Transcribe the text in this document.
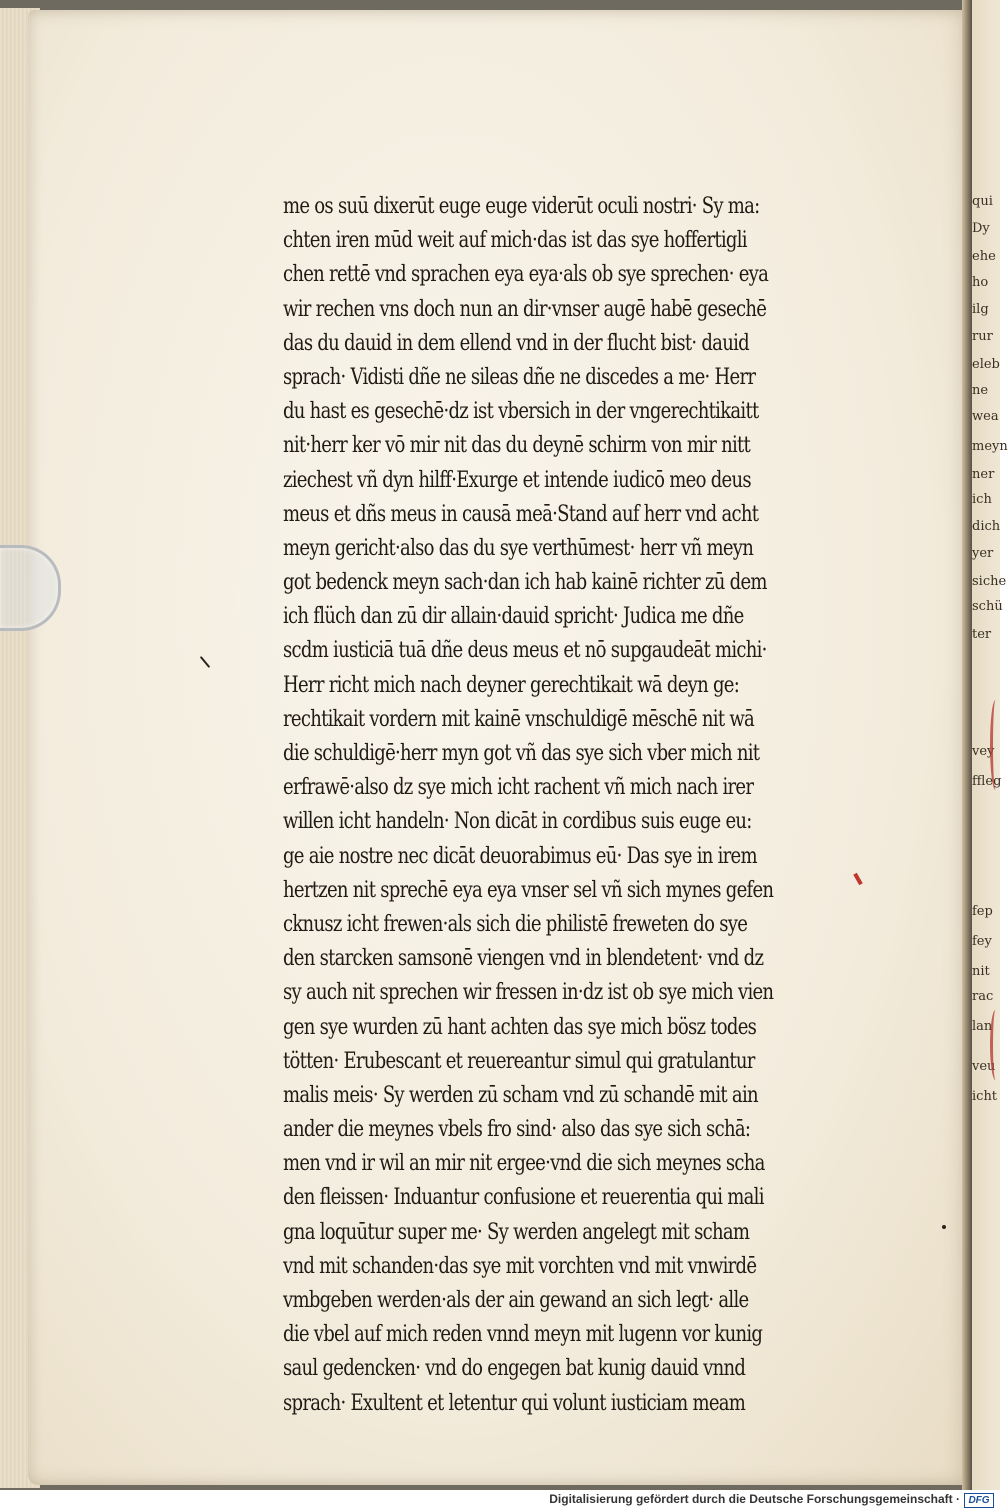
qui
Dy
ehe
ho
ilg
rur
eleb
ne
wea
meyn
ner
ich
dich
yer
siche
schü
ter
vey
ffleg
fep
fey
nit
rac
lan
veu
icht
me os suū dixerūt euge euge viderūt oculi nostri· Sy ma:
chten iren mūd weit auf mich·das ist das sye hoffertigli
chen rettē vnd sprachen eya eya·als ob sye sprechen· eya
wir rechen vns doch nun an dir·vnser augē habē gesechē
das du dauid in dem ellend vnd in der flucht bist· dauid
sprach· Vidisti dñe ne sileas dñe ne discedes a me· Herr
du hast es gesechē·dz ist vbersich in der vngerechtikaitt
nit·herr ker vō mir nit das du deynē schirm von mir nitt
ziechest vñ dyn hilff·Exurge et intende iudicō meo deus
meus et dñs meus in causā meā·Stand auf herr vnd acht
meyn gericht·also das du sye verthūmest· herr vñ meyn
got bedenck meyn sach·dan ich hab kainē richter zū dem
ich flüch dan zū dir allain·dauid spricht· Judica me dñe
scdm iusticiā tuā dñe deus meus et nō supgaudeāt michi·
Herr richt mich nach deyner gerechtikait wā deyn ge:
rechtikait vordern mit kainē vnschuldigē mēschē nit wā
die schuldigē·herr myn got vñ das sye sich vber mich nit
erfrawē·also dz sye mich icht rachent vñ mich nach irer
willen icht handeln· Non dicāt in cordibus suis euge eu:
ge aie nostre nec dicāt deuorabimus eū· Das sye in irem
hertzen nit sprechē eya eya vnser sel vñ sich mynes gefen
cknusz icht frewen·als sich die philistē freweten do sye
den starcken samsonē viengen vnd in blendetent· vnd dz
sy auch nit sprechen wir fressen in·dz ist ob sye mich vien
gen sye wurden zū hant achten das sye mich bösz todes
tötten· Erubescant et reuereantur simul qui gratulantur
malis meis· Sy werden zū scham vnd zū schandē mit ain
ander die meynes vbels fro sind· also das sye sich schā:
men vnd ir wil an mir nit ergee·vnd die sich meynes scha
den fleissen· Induantur confusione et reuerentia qui mali
gna loquūtur super me· Sy werden angelegt mit scham
vnd mit schanden·das sye mit vorchten vnd mit vnwirdē
vmbgeben werden·als der ain gewand an sich legt· alle
die vbel auf mich reden vnnd meyn mit lugenn vor kunig
saul gedencken· vnd do engegen bat kunig dauid vnnd
sprach· Exultent et letentur qui volunt iusticiam meam
Digitalisierung gefördert durch die Deutsche Forschungsgemeinschaft · DFG
